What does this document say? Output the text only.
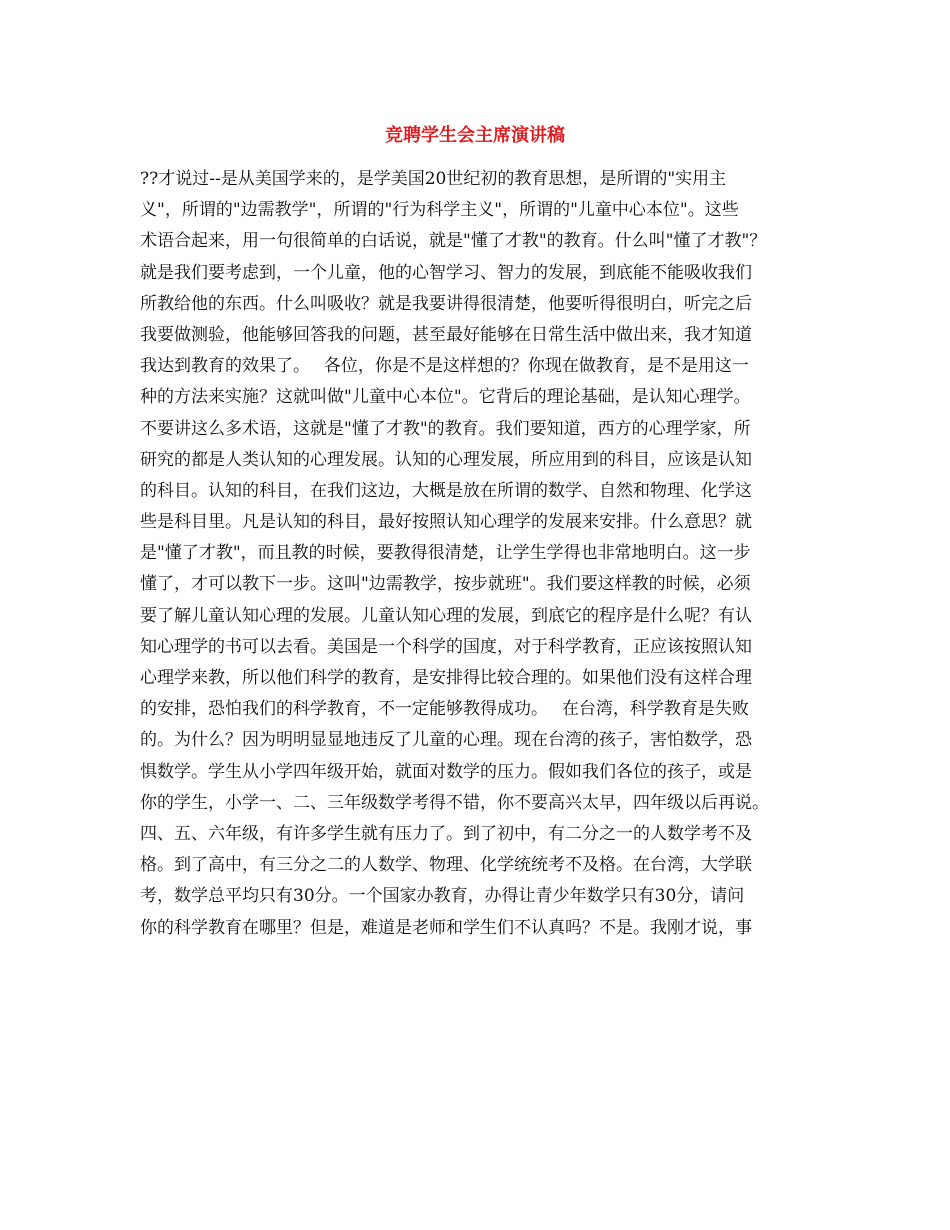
竞聘学生会主席演讲稿
??才说过--是从美国学来的，是学美国20世纪初的教育思想，是所谓的"实用主
义"，所谓的"边需教学"，所谓的"行为科学主义"，所谓的"儿童中心本位"。这些
术语合起来，用一句很简单的白话说，就是"懂了才教"的教育。什么叫"懂了才教"？
就是我们要考虑到，一个儿童，他的心智学习、智力的发展，到底能不能吸收我们
所教给他的东西。什么叫吸收？就是我要讲得很清楚，他要听得很明白，听完之后
我要做测验，他能够回答我的问题，甚至最好能够在日常生活中做出来，我才知道
我达到教育的效果了。　 各位，你是不是这样想的？你现在做教育，是不是用这一
种的方法来实施？这就叫做"儿童中心本位"。它背后的理论基础，是认知心理学。
不要讲这么多术语，这就是"懂了才教"的教育。我们要知道，西方的心理学家，所
研究的都是人类认知的心理发展。认知的心理发展，所应用到的科目，应该是认知
的科目。认知的科目，在我们这边，大概是放在所谓的数学、自然和物理、化学这
些是科目里。凡是认知的科目，最好按照认知心理学的发展来安排。什么意思？就
是"懂了才教"，而且教的时候，要教得很清楚，让学生学得也非常地明白。这一步
懂了，才可以教下一步。这叫"边需教学，按步就班"。我们要这样教的时候，必须
要了解儿童认知心理的发展。儿童认知心理的发展，到底它的程序是什么呢？有认
知心理学的书可以去看。美国是一个科学的国度，对于科学教育，正应该按照认知
心理学来教，所以他们科学的教育，是安排得比较合理的。如果他们没有这样合理
的安排，恐怕我们的科学教育，不一定能够教得成功。　 在台湾，科学教育是失败
的。为什么？因为明明显显地违反了儿童的心理。现在台湾的孩子，害怕数学，恐
惧数学。学生从小学四年级开始，就面对数学的压力。假如我们各位的孩子，或是
你的学生，小学一、二、三年级数学考得不错，你不要高兴太早，四年级以后再说。
四、五、六年级，有许多学生就有压力了。到了初中，有二分之一的人数学考不及
格。到了高中，有三分之二的人数学、物理、化学统统考不及格。在台湾，大学联
考，数学总平均只有30分。一个国家办教育，办得让青少年数学只有30分，请问
你的科学教育在哪里？但是，难道是老师和学生们不认真吗？不是。我刚才说，事
